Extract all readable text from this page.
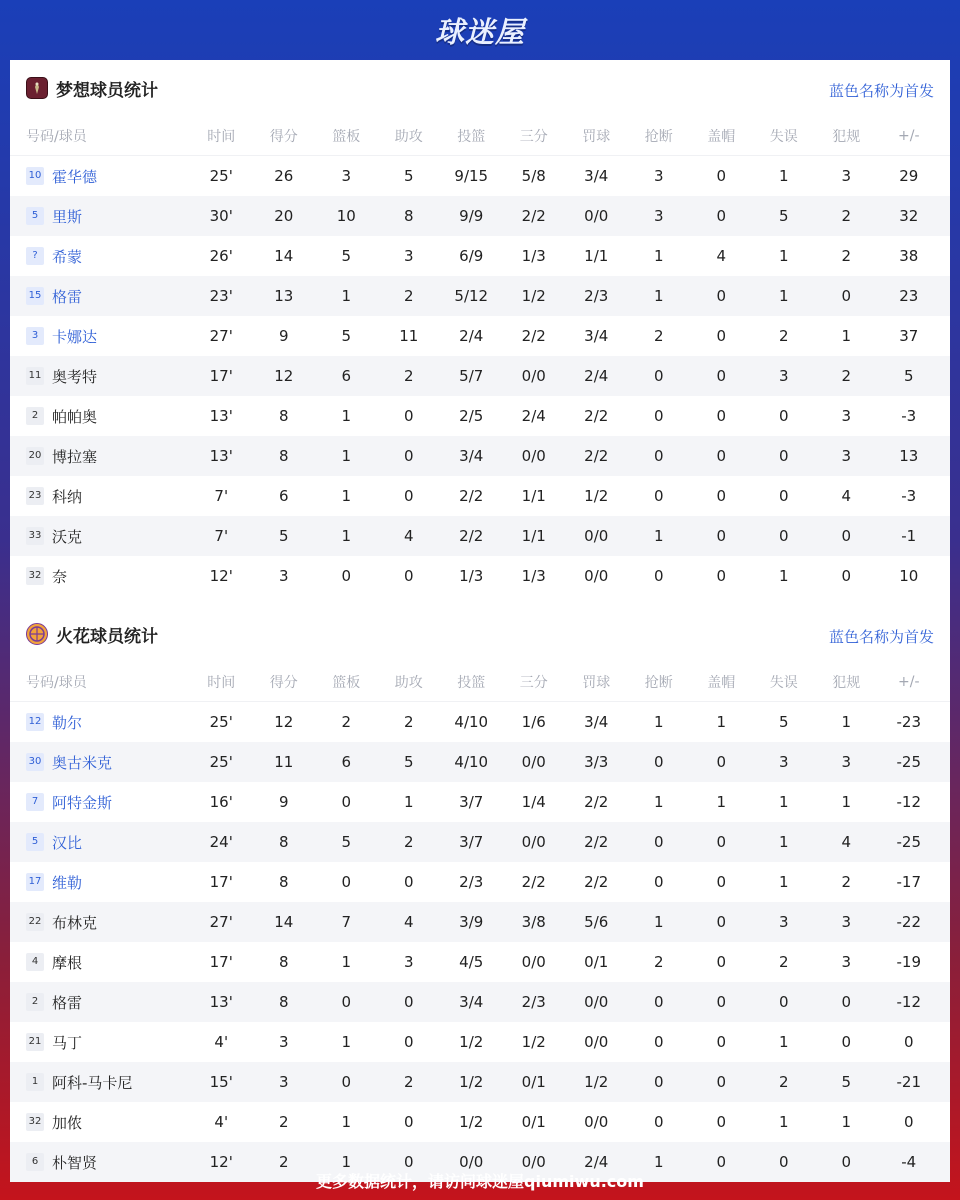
球迷屋
梦想球员统计	蓝色名称为首发
号码/球员	时间	得分	篮板	助攻	投篮	三分	罚球	抢断	盖帽	失误	犯规	+/-
10 霍华德	25'	26	3	5	9/15	5/8	3/4	3	0	1	3	29
5 里斯	30'	20	10	8	9/9	2/2	0/0	3	0	5	2	32
? 希蒙	26'	14	5	3	6/9	1/3	1/1	1	4	1	2	38
15 格雷	23'	13	1	2	5/12	1/2	2/3	1	0	1	0	23
3 卡娜达	27'	9	5	11	2/4	2/2	3/4	2	0	2	1	37
11 奥考特	17'	12	6	2	5/7	0/0	2/4	0	0	3	2	5
2 帕帕奥	13'	8	1	0	2/5	2/4	2/2	0	0	0	3	-3
20 博拉塞	13'	8	1	0	3/4	0/0	2/2	0	0	0	3	13
23 科纳	7'	6	1	0	2/2	1/1	1/2	0	0	0	4	-3
33 沃克	7'	5	1	4	2/2	1/1	0/0	1	0	0	0	-1
32 奈	12'	3	0	0	1/3	1/3	0/0	0	0	1	0	10
火花球员统计	蓝色名称为首发
号码/球员	时间	得分	篮板	助攻	投篮	三分	罚球	抢断	盖帽	失误	犯规	+/-
12 勒尔	25'	12	2	2	4/10	1/6	3/4	1	1	5	1	-23
30 奥古米克	25'	11	6	5	4/10	0/0	3/3	0	0	3	3	-25
7 阿特金斯	16'	9	0	1	3/7	1/4	2/2	1	1	1	1	-12
5 汉比	24'	8	5	2	3/7	0/0	2/2	0	0	1	4	-25
17 维勒	17'	8	0	0	2/3	2/2	2/2	0	0	1	2	-17
22 布林克	27'	14	7	4	3/9	3/8	5/6	1	0	3	3	-22
4 摩根	17'	8	1	3	4/5	0/0	0/1	2	0	2	3	-19
2 格雷	13'	8	0	0	3/4	2/3	0/0	0	0	0	0	-12
21 马丁	4'	3	1	0	1/2	1/2	0/0	0	0	1	0	0
1 阿科-马卡尼	15'	3	0	2	1/2	0/1	1/2	0	0	2	5	-21
32 加侬	4'	2	1	0	1/2	0/1	0/0	0	0	1	1	0
6 朴智贤	12'	2	1	0	0/0	0/0	2/4	1	0	0	0	-4
更多数据统计，请访问球迷屋qiumiwu.com
